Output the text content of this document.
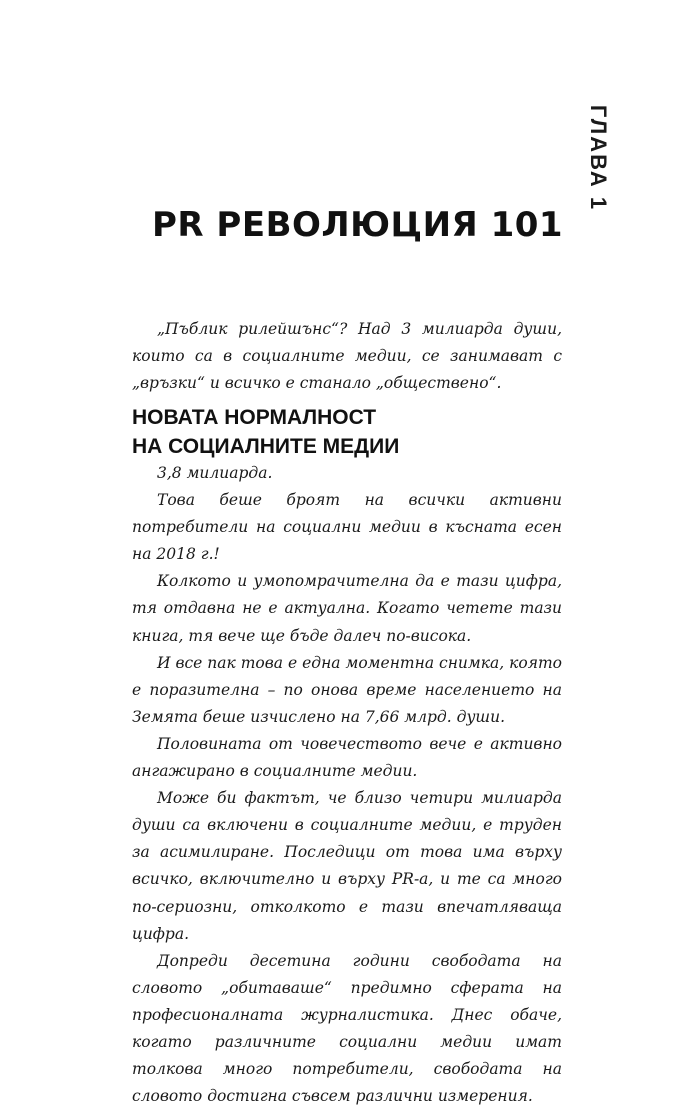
ГЛАВА 1
PR РЕВОЛЮЦИЯ 101

„Пъблик рилейшънс“? Над 3 милиарда души, които са в социалните медии, се занимават с „връзки“ и всичко е станало „обществено“.

НОВАТА НОРМАЛНОСТ
НА СОЦИАЛНИТЕ МЕДИИ

3,8 милиарда.

Това беше броят на всички активни потребители на социални медии в късната есен на 2018 г.!

Колкото и умопомрачителна да е тази цифра, тя отдавна не е актуална. Когато четете тази книга, тя вече ще бъде далеч по-висока.

И все пак това е една моментна снимка, която е поразителна – по онова време населението на Земята беше изчислено на 7,66 млрд. души.

Половината от човечеството вече е активно ангажирано в социалните медии.

Може би фактът, че близо четири милиарда души са включени в социалните медии, е труден за асимилиране. Последици от това има върху всичко, включително и върху PR-а, и те са много по-сериозни, отколкото е тази впечатляваща цифра.

Допреди десетина години свободата на словото „обитаваше“ предимно сферата на професионалната журналистика. Днес обаче, когато различните социални медии имат толкова много потребители, свободата на словото достигна съвсем различни измерения.
